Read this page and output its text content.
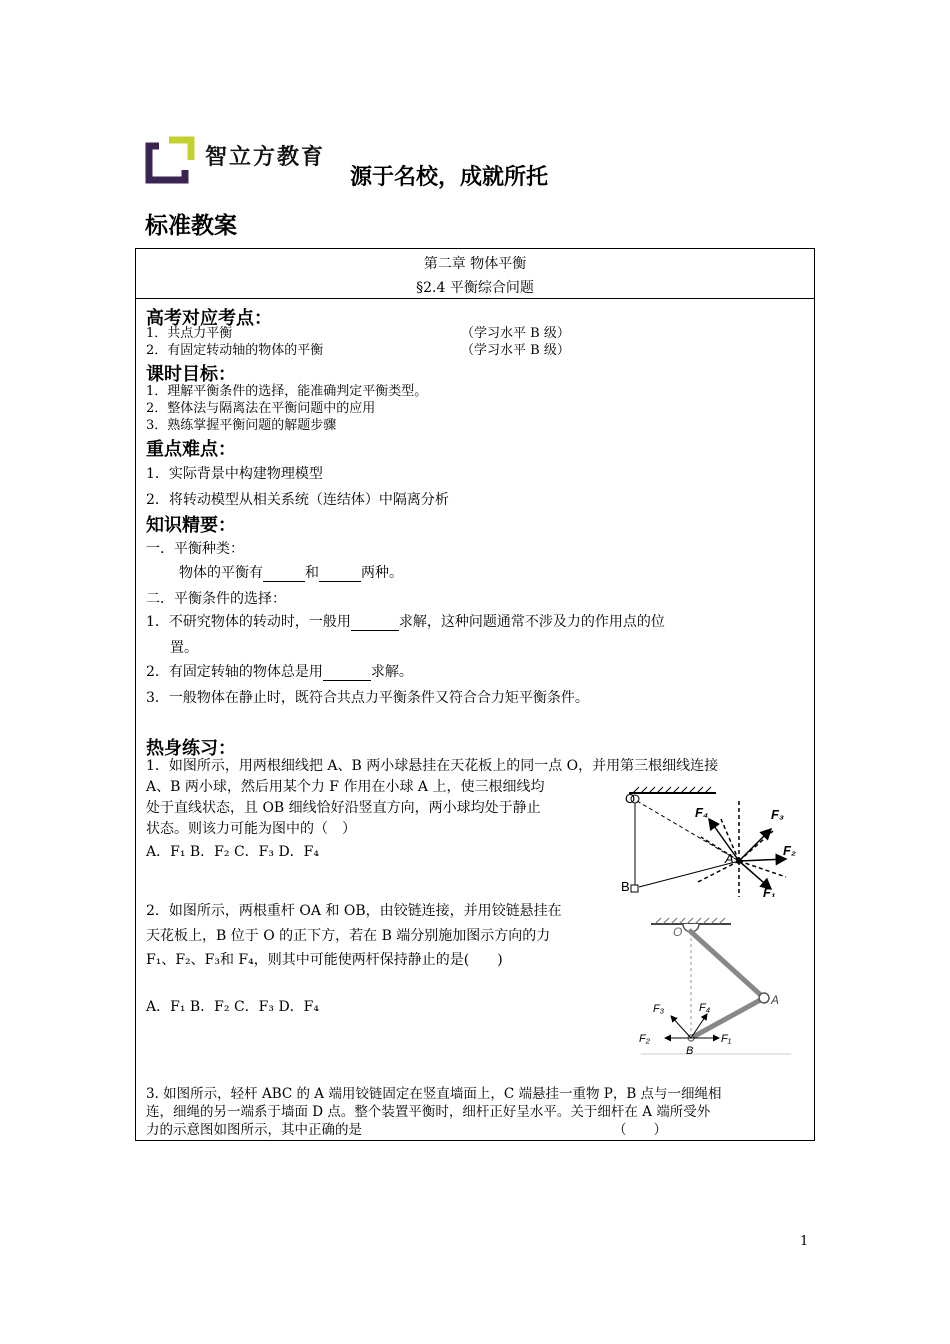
智立方教育
源于名校，成就所托
标准教案
第二章 物体平衡
§2.4 平衡综合问题
高考对应考点：
1．共点力平衡	（学习水平 B 级）
2．有固定转动轴的物体的平衡	（学习水平 B 级）
课时目标：
1．理解平衡条件的选择，能准确判定平衡类型。
2．整体法与隔离法在平衡问题中的应用
3．熟练掌握平衡问题的解题步骤
重点难点：
1．实际背景中构建物理模型
2．将转动模型从相关系统（连结体）中隔离分析
知识精要：
一．平衡种类：
物体的平衡有	和	两种。
二．平衡条件的选择：
1．不研究物体的转动时，一般用	求解，这种问题通常不涉及力的作用点的位
置。
2．有固定转轴的物体总是用	求解。
3．一般物体在静止时，既符合共点力平衡条件又符合合力矩平衡条件。
热身练习：
1．如图所示，用两根细线把 A、B 两小球悬挂在天花板上的同一点 O，并用第三根细线连接
A、B 两小球，然后用某个力 F 作用在小球 A 上，使三根细线均
处于直线状态，且 OB 细线恰好沿竖直方向，两小球均处于静止
状态。则该力可能为图中的（　）
A．F₁ B．F₂ C．F₃ D．F₄
O
A
B
F₄	F₃
F₂
F₁
2．如图所示，两根重杆 OA 和 OB，由铰链连接，并用铰链悬挂在
天花板上，B 位于 O 的正下方，若在 B 端分别施加图示方向的力
F₁、F₂、F₃和 F₄，则其中可能使两杆保持静止的是(　　)
A．F₁ B．F₂ C．F₃ D．F₄
O
A
B
F₁
F₂
F₃	F₄
3. 如图所示，轻杆 ABC 的 A 端用铰链固定在竖直墙面上，C 端悬挂一重物 P，B 点与一细绳相
连，细绳的另一端系于墙面 D 点。整个装置平衡时，细杆正好呈水平。关于细杆在 A 端所受外
力的示意图如图所示，其中正确的是	（　　）
1
